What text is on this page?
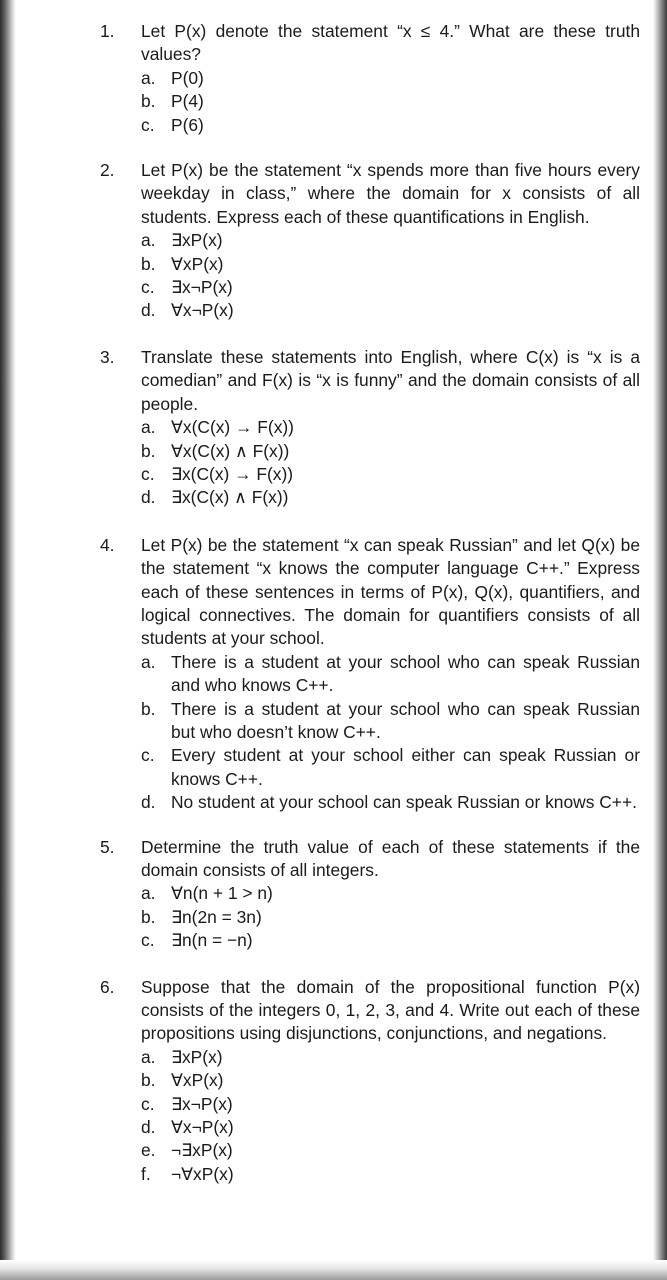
1. Let P(x) denote the statement “x ≤ 4.” What are these truth values?
a. P(0)
b. P(4)
c. P(6)
2. Let P(x) be the statement “x spends more than five hours every weekday in class,” where the domain for x consists of all students. Express each of these quantifications in English.
a. ∃xP(x)
b. ∀xP(x)
c. ∃x¬P(x)
d. ∀x¬P(x)
3. Translate these statements into English, where C(x) is “x is a comedian” and F(x) is “x is funny” and the domain consists of all people.
a. ∀x(C(x) → F(x))
b. ∀x(C(x) ∧ F(x))
c. ∃x(C(x) → F(x))
d. ∃x(C(x) ∧ F(x))
4. Let P(x) be the statement “x can speak Russian” and let Q(x) be the statement “x knows the computer language C++.” Express each of these sentences in terms of P(x), Q(x), quantifiers, and logical connectives. The domain for quantifiers consists of all students at your school.
a. There is a student at your school who can speak Russian and who knows C++.
b. There is a student at your school who can speak Russian but who doesn’t know C++.
c. Every student at your school either can speak Russian or knows C++.
d. No student at your school can speak Russian or knows C++.
5. Determine the truth value of each of these statements if the domain consists of all integers.
a. ∀n(n + 1 > n)
b. ∃n(2n = 3n)
c. ∃n(n = −n)
6. Suppose that the domain of the propositional function P(x) consists of the integers 0, 1, 2, 3, and 4. Write out each of these propositions using disjunctions, conjunctions, and negations.
a. ∃xP(x)
b. ∀xP(x)
c. ∃x¬P(x)
d. ∀x¬P(x)
e. ¬∃xP(x)
f. ¬∀xP(x)
